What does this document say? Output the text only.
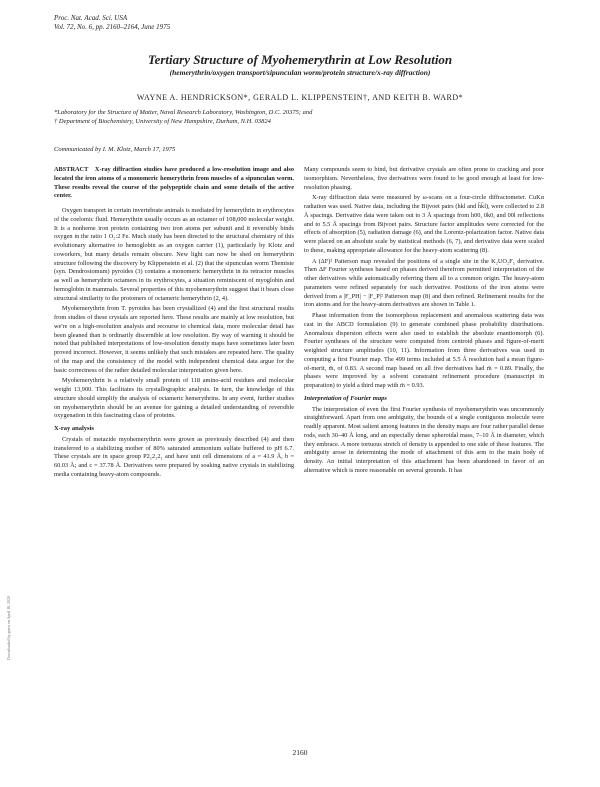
Proc. Nat. Acad. Sci. USA
Vol. 72, No. 6, pp. 2160–2164, June 1975
Tertiary Structure of Myohemerythrin at Low Resolution
(hemerythrin/oxygen transport/sipunculan worm/protein structure/x-ray diffraction)
WAYNE A. HENDRICKSON*, GERALD L. KLIPPENSTEIN†, AND KEITH B. WARD*
*Laboratory for the Structure of Matter, Naval Research Laboratory, Washington, D.C. 20375; and
† Department of Biochemistry, University of New Hampshire, Durham, N.H. 03824
Communicated by I. M. Klotz, March 17, 1975

ABSTRACT X-ray diffraction studies have produced a low-resolution image and also located the iron atoms of a monomeric hemerythrin from muscles of a sipunculan worm. These results reveal the course of the polypeptide chain and some details of the active center.

Oxygen transport in certain invertebrate animals is mediated by hemerythrin in erythrocytes of the coelomic fluid. Hemerythrin usually occurs as an octamer of 108,000 molecular weight. It is a nonheme iron protein containing two iron atoms per subunit and it reversibly binds oxygen in the ratio 1 O₂:2 Fe. Much study has been directed to the structural chemistry of this evolutionary alternative to hemoglobin as an oxygen carrier (1), particularly by Klotz and coworkers, but many details remain obscure. New light can now be shed on hemerythrin structure following the discovery by Klippenstein et al. (2) that the sipunculan worm Themiste (syn. Dendrostomum) pyroides (3) contains a monomeric hemerythrin in its retractor muscles as well as hemerythrin octamers in its erythrocytes, a situation reminiscent of myoglobin and hemoglobin in mammals. Several properties of this myohemerythrin suggest that it bears close structural similarity to the protomers of octameric hemerythrin (2, 4).

Myohemerythrin from T. pyroides has been crystallized (4) and the first structural results from studies of these crystals are reported here. These results are mainly at low resolution, but we're on a high-resolution analysis and recourse to chemical data, more molecular detail has been gleaned than is ordinarily discernible at low resolution. By way of warning it should be noted that published interpretations of low-resolution density maps have sometimes later been proved incorrect. However, it seems unlikely that such mistakes are repeated here. The quality of the map and the consistency of the model with independent chemical data argue for the basic correctness of the rather detailed molecular interpretation given here.

Myohemerythrin is a relatively small protein of 118 amino-acid residues and molecular weight 13,900. This facilitates its crystallographic analysis. In turn, the knowledge of this structure should simplify the analysis of octameric hemerythrins. In any event, further studies on myohemerythrin should be an avenue for gaining a detailed understanding of reversible oxygenation in this fascinating class of proteins.

X-ray analysis

Crystals of metazide myohemerythrin were grown as previously described (4) and then transferred to a stabilizing mother of 80% saturated ammonium sulfate buffered to pH 6.7. These crystals are in space group P2₁2₁2₁ and have unit cell dimensions of a = 41.9 Å, b = 60.03 Å; and c = 37.78 Å. Derivatives were prepared by soaking native crystals in stabilizing media containing heavy-atom compounds.

Many compounds seem to bind, but derivative crystals are often prone to cracking and poor isomorphism. Nevertheless, five derivatives were found to be good enough at least for low-resolution phasing.

X-ray diffraction data were measured by ω-scans on a four-circle diffractometer. CuKα radiation was used. Native data, including the Bijvoet pairs (hkl and h̄k̄l), were collected to 2.8 Å spacings. Derivative data were taken out to 3 Å spacings from h00, 0k0, and 00l reflections and to 5.5 Å spacings from Bijvoet pairs. Structure factor amplitudes were corrected for the effects of absorption (5), radiation damage (6), and the Lorentz-polarization factor. Native data were placed on an absolute scale by statistical methods (6, 7), and derivative data were scaled to these, making appropriate allowance for the heavy-atom scattering (8).

A (ΔF)² Patterson map revealed the positions of a single site in the K₂UO₂F₅ derivative. Then ΔF Fourier syntheses based on phases derived therefrom permitted interpretation of the other derivatives while automatically referring them all to a common origin. The heavy-atom parameters were refined separately for each derivative. Positions of the iron atoms were derived from a |F_PH| − |F_P|² Patterson map (8) and then refined. Refinement results for the iron atoms and for the heavy-atom derivatives are shown in Table 1.

Phase information from the isomorphous replacement and anomalous scattering data was cast in the ABCD formulation (9) to generate combined phase probability distributions. Anomalous dispersion effects were also used to establish the absolute enantiomorph (6). Fourier syntheses of the structure were computed from centroid phases and figure-of-merit weighted structure amplitudes (10, 11). Information from three derivatives was used in computing a first Fourier map. The 499 terms included at 5.5 Å resolution had a mean figure-of-merit, m̄, of 0.83. A second map based on all five derivatives had m̄ = 0.89. Finally, the phases were improved by a solvent constraint refinement procedure (manuscript in preparation) to yield a third map with m̄ = 0.93.

Interpretation of Fourier maps

The interpretation of even the first Fourier synthesis of myohemerythrin was uncommonly straightforward. Apart from one ambiguity, the bounds of a single contiguous molecule were readily apparent. Most salient among features in the density maps are four rather parallel dense rods, each 30–40 Å long, and an especially dense spheroidal mass, 7–10 Å in diameter, which they embrace. A more tortuous stretch of density is appended to one side of these features. The ambiguity arose in determining the mode of attachment of this arm to the main body of density. An initial interpretation of this attachment has been abandoned in favor of an alternative which is more reasonable on several grounds. It has

2160
Downloaded by guest on April 16, 2020
